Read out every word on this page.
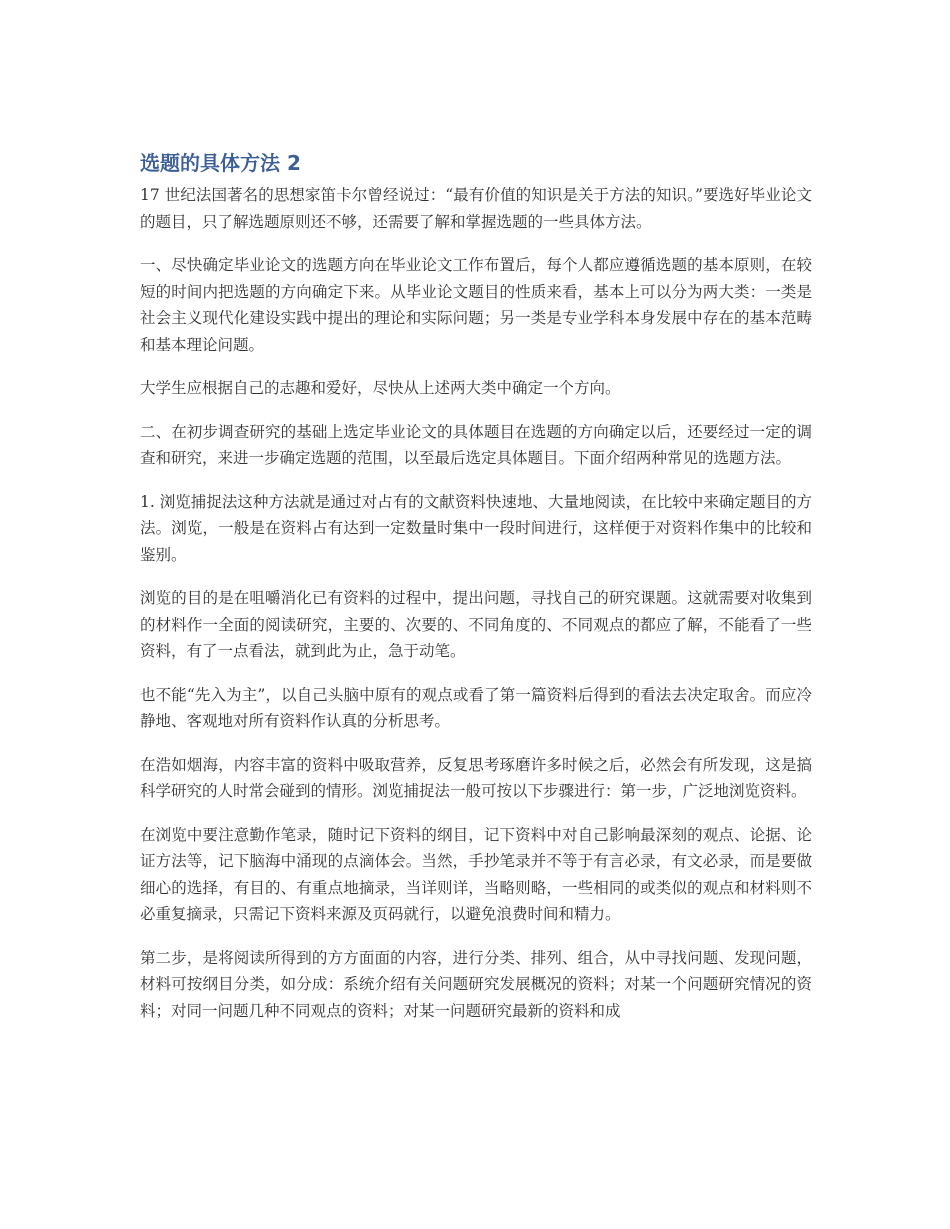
选题的具体方法 2

17 世纪法国著名的思想家笛卡尔曾经说过：“最有价值的知识是关于方法的知识。”要选好毕业论文的题目，只了解选题原则还不够，还需要了解和掌握选题的一些具体方法。

一、尽快确定毕业论文的选题方向在毕业论文工作布置后，每个人都应遵循选题的基本原则，在较短的时间内把选题的方向确定下来。从毕业论文题目的性质来看，基本上可以分为两大类：一类是社会主义现代化建设实践中提出的理论和实际问题；另一类是专业学科本身发展中存在的基本范畴和基本理论问题。

大学生应根据自己的志趣和爱好，尽快从上述两大类中确定一个方向。

二、在初步调查研究的基础上选定毕业论文的具体题目在选题的方向确定以后，还要经过一定的调查和研究，来进一步确定选题的范围，以至最后选定具体题目。下面介绍两种常见的选题方法。

1. 浏览捕捉法这种方法就是通过对占有的文献资料快速地、大量地阅读，在比较中来确定题目的方法。浏览，一般是在资料占有达到一定数量时集中一段时间进行，这样便于对资料作集中的比较和鉴别。

浏览的目的是在咀嚼消化已有资料的过程中，提出问题，寻找自己的研究课题。这就需要对收集到的材料作一全面的阅读研究，主要的、次要的、不同角度的、不同观点的都应了解，不能看了一些资料，有了一点看法，就到此为止，急于动笔。

也不能“先入为主”，以自己头脑中原有的观点或看了第一篇资料后得到的看法去决定取舍。而应冷静地、客观地对所有资料作认真的分析思考。

在浩如烟海，内容丰富的资料中吸取营养，反复思考琢磨许多时候之后，必然会有所发现，这是搞科学研究的人时常会碰到的情形。浏览捕捉法一般可按以下步骤进行：第一步，广泛地浏览资料。

在浏览中要注意勤作笔录，随时记下资料的纲目，记下资料中对自己影响最深刻的观点、论据、论证方法等，记下脑海中涌现的点滴体会。当然，手抄笔录并不等于有言必录，有文必录，而是要做细心的选择，有目的、有重点地摘录，当详则详，当略则略，一些相同的或类似的观点和材料则不必重复摘录，只需记下资料来源及页码就行，以避免浪费时间和精力。

第二步，是将阅读所得到的方方面面的内容，进行分类、排列、组合，从中寻找问题、发现问题，材料可按纲目分类，如分成：系统介绍有关问题研究发展概况的资料；对某一个问题研究情况的资料；对同一问题几种不同观点的资料；对某一问题研究最新的资料和成
